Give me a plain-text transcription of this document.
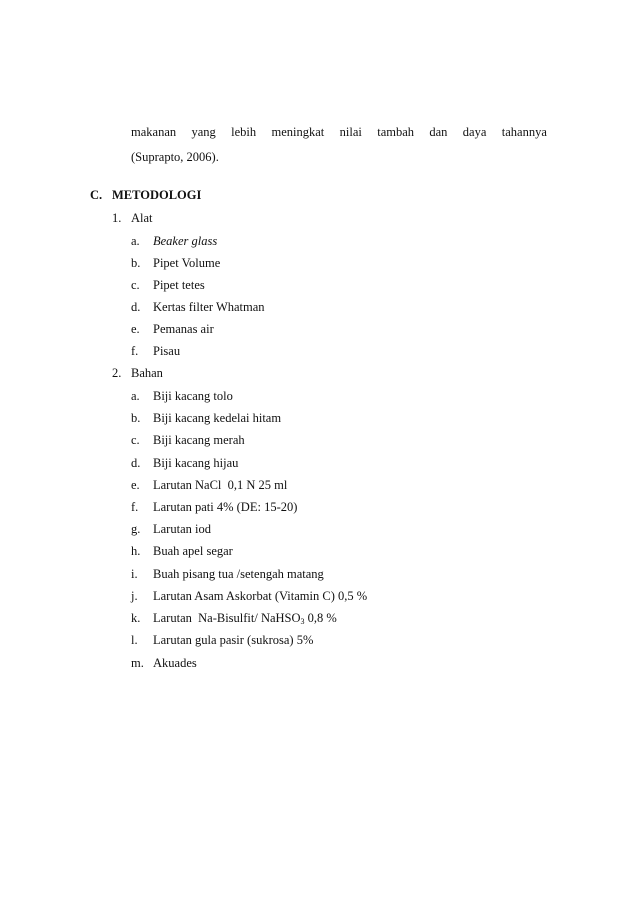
makanan yang lebih meningkat nilai tambah dan daya tahannya
(Suprapto, 2006).
C. METODOLOGI
1. Alat
a. Beaker glass
b. Pipet Volume
c. Pipet tetes
d. Kertas filter Whatman
e. Pemanas air
f. Pisau
2. Bahan
a. Biji kacang tolo
b. Biji kacang kedelai hitam
c. Biji kacang merah
d. Biji kacang hijau
e. Larutan NaCl  0,1 N 25 ml
f. Larutan pati 4% (DE: 15-20)
g. Larutan iod
h. Buah apel segar
i. Buah pisang tua /setengah matang
j. Larutan Asam Askorbat (Vitamin C) 0,5 %
k. Larutan  Na-Bisulfit/ NaHSO$_3$ 0,8 %
l. Larutan gula pasir (sukrosa) 5%
m. Akuades
